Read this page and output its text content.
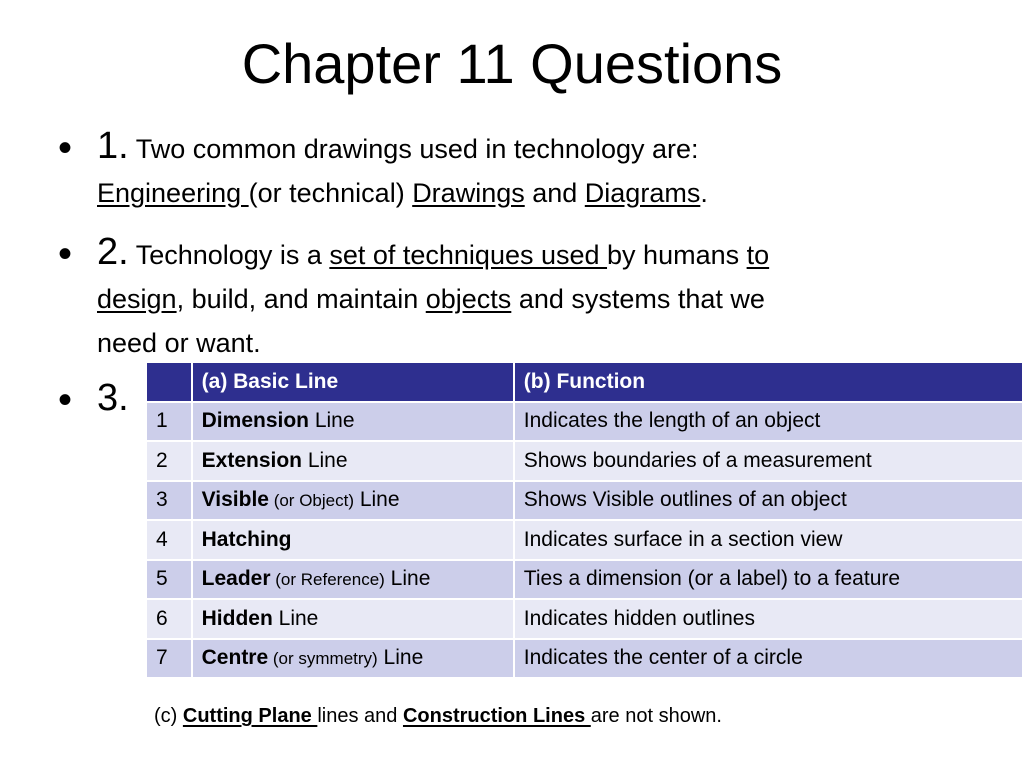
Chapter 11 Questions
• 1. Two common drawings used in technology are:
Engineering (or technical) Drawings and Diagrams.
• 2. Technology is a set of techniques used by humans to
design, build, and maintain objects and systems that we
need or want.
• 3.
		(a) Basic Line	(b) Function
1	Dimension Line	Indicates the length of an object
2	Extension Line	Shows boundaries of a measurement
3	Visible (or Object) Line	Shows Visible outlines of an object
4	Hatching	Indicates surface in a section view
5	Leader (or Reference) Line	Ties a dimension (or a label) to a feature
6	Hidden Line	Indicates hidden outlines
7	Centre (or symmetry) Line	Indicates the center of a circle
(c) Cutting Plane lines and Construction Lines are not shown.
